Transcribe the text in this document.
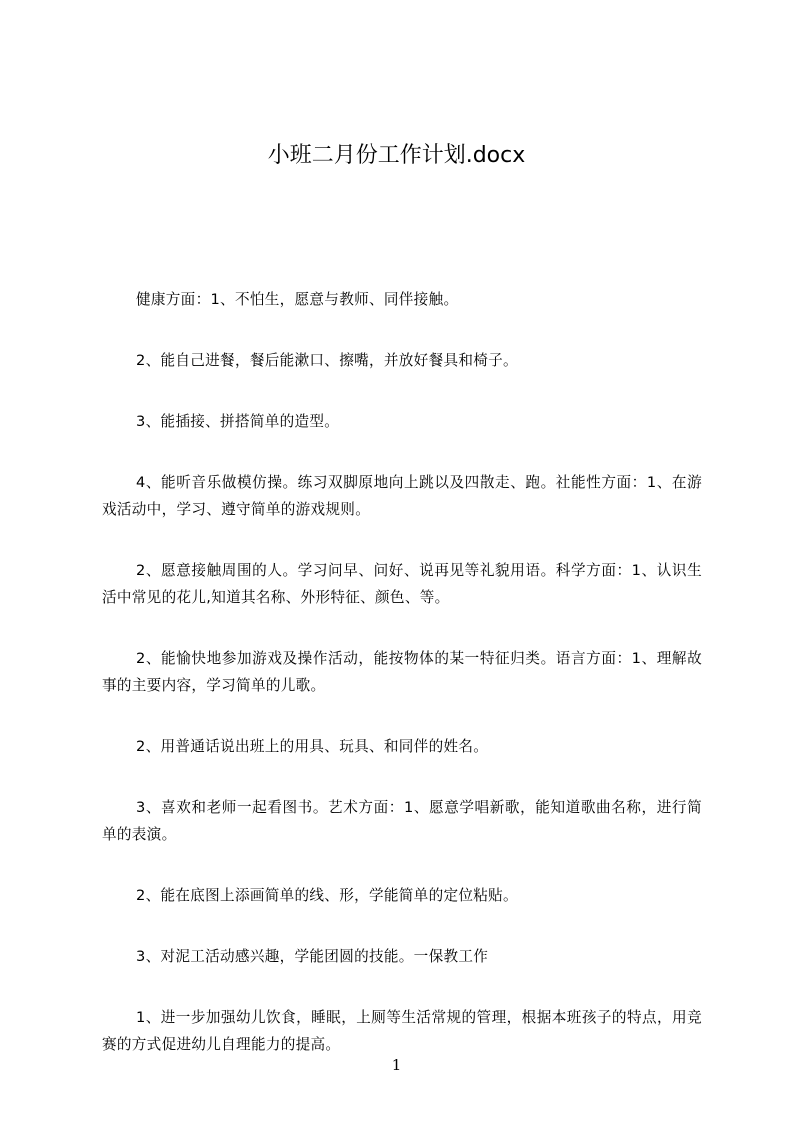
小班二月份工作计划.docx

健康方面：1、不怕生，愿意与教师、同伴接触。

2、能自己进餐，餐后能漱口、擦嘴，并放好餐具和椅子。

3、能插接、拼搭简单的造型。

4、能听音乐做模仿操。练习双脚原地向上跳以及四散走、跑。社能性方面：1、在游戏活动中，学习、遵守简单的游戏规则。

2、愿意接触周围的人。学习问早、问好、说再见等礼貌用语。科学方面：1、认识生活中常见的花儿,知道其名称、外形特征、颜色、等。

2、能愉快地参加游戏及操作活动，能按物体的某一特征归类。语言方面：1、理解故事的主要内容，学习简单的儿歌。

2、用普通话说出班上的用具、玩具、和同伴的姓名。

3、喜欢和老师一起看图书。艺术方面：1、愿意学唱新歌，能知道歌曲名称，进行简单的表演。

2、能在底图上添画简单的线、形，学能简单的定位粘贴。

3、对泥工活动感兴趣，学能团圆的技能。一保教工作

1、进一步加强幼儿饮食，睡眠，上厕等生活常规的管理，根据本班孩子的特点，用竞赛的方式促进幼儿自理能力的提高。

1
